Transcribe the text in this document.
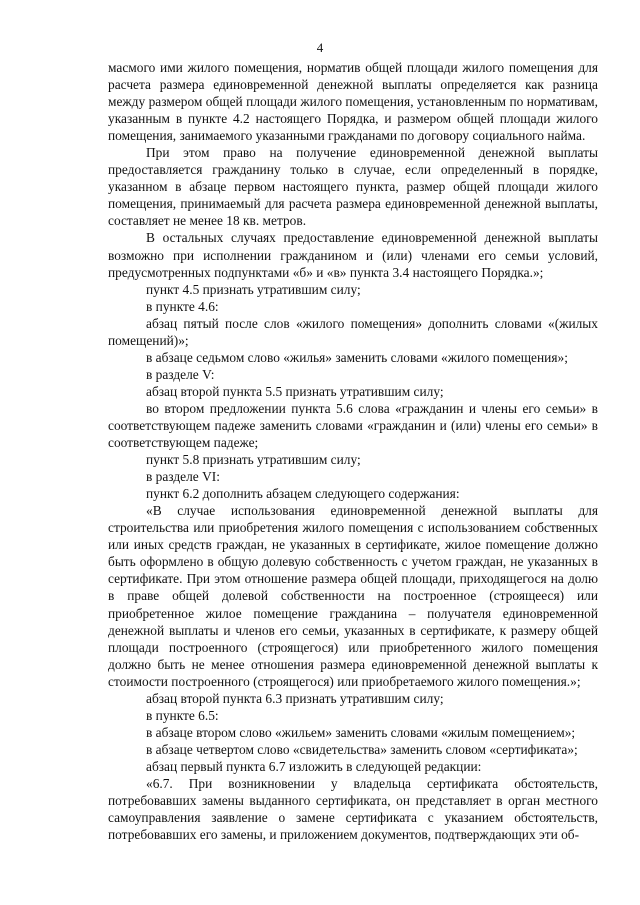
4

масмого ими жилого помещения, норматив общей площади жилого помещения для расчета размера единовременной денежной выплаты определяется как разница между размером общей площади жилого помещения, установленным по нормативам, указанным в пункте 4.2 настоящего Порядка, и размером общей площади жилого помещения, занимаемого указанными гражданами по договору социального найма.

При этом право на получение единовременной денежной выплаты предоставляется гражданину только в случае, если определенный в порядке, указанном в абзаце первом настоящего пункта, размер общей площади жилого помещения, принимаемый для расчета размера единовременной денежной выплаты, составляет не менее 18 кв. метров.

В остальных случаях предоставление единовременной денежной выплаты возможно при исполнении гражданином и (или) членами его семьи условий, предусмотренных подпунктами «б» и «в» пункта 3.4 настоящего Порядка.»;

пункт 4.5 признать утратившим силу;

в пункте 4.6:

абзац пятый после слов «жилого помещения» дополнить словами «(жилых помещений)»;

в абзаце седьмом слово «жилья» заменить словами «жилого помещения»;

в разделе V:

абзац второй пункта 5.5 признать утратившим силу;

во втором предложении пункта 5.6 слова «гражданин и члены его семьи» в соответствующем падеже заменить словами «гражданин и (или) члены его семьи» в соответствующем падеже;

пункт 5.8 признать утратившим силу;

в разделе VI:

пункт 6.2 дополнить абзацем следующего содержания:

«В случае использования единовременной денежной выплаты для строительства или приобретения жилого помещения с использованием собственных или иных средств граждан, не указанных в сертификате, жилое помещение должно быть оформлено в общую долевую собственность с учетом граждан, не указанных в сертификате. При этом отношение размера общей площади, приходящегося на долю в праве общей долевой собственности на построенное (строящееся) или приобретенное жилое помещение гражданина – получателя единовременной денежной выплаты и членов его семьи, указанных в сертификате, к размеру общей площади построенного (строящегося) или приобретенного жилого помещения должно быть не менее отношения размера единовременной денежной выплаты к стоимости построенного (строящегося) или приобретаемого жилого помещения.»;

абзац второй пункта 6.3 признать утратившим силу;

в пункте 6.5:

в абзаце втором слово «жильем» заменить словами «жилым помещением»;

в абзаце четвертом слово «свидетельства» заменить словом «сертификата»;

абзац первый пункта 6.7 изложить в следующей редакции:

«6.7. При возникновении у владельца сертификата обстоятельств, потребовавших замены выданного сертификата, он представляет в орган местного самоуправления заявление о замене сертификата с указанием обстоятельств, потребовавших его замены, и приложением документов, подтверждающих эти об-
